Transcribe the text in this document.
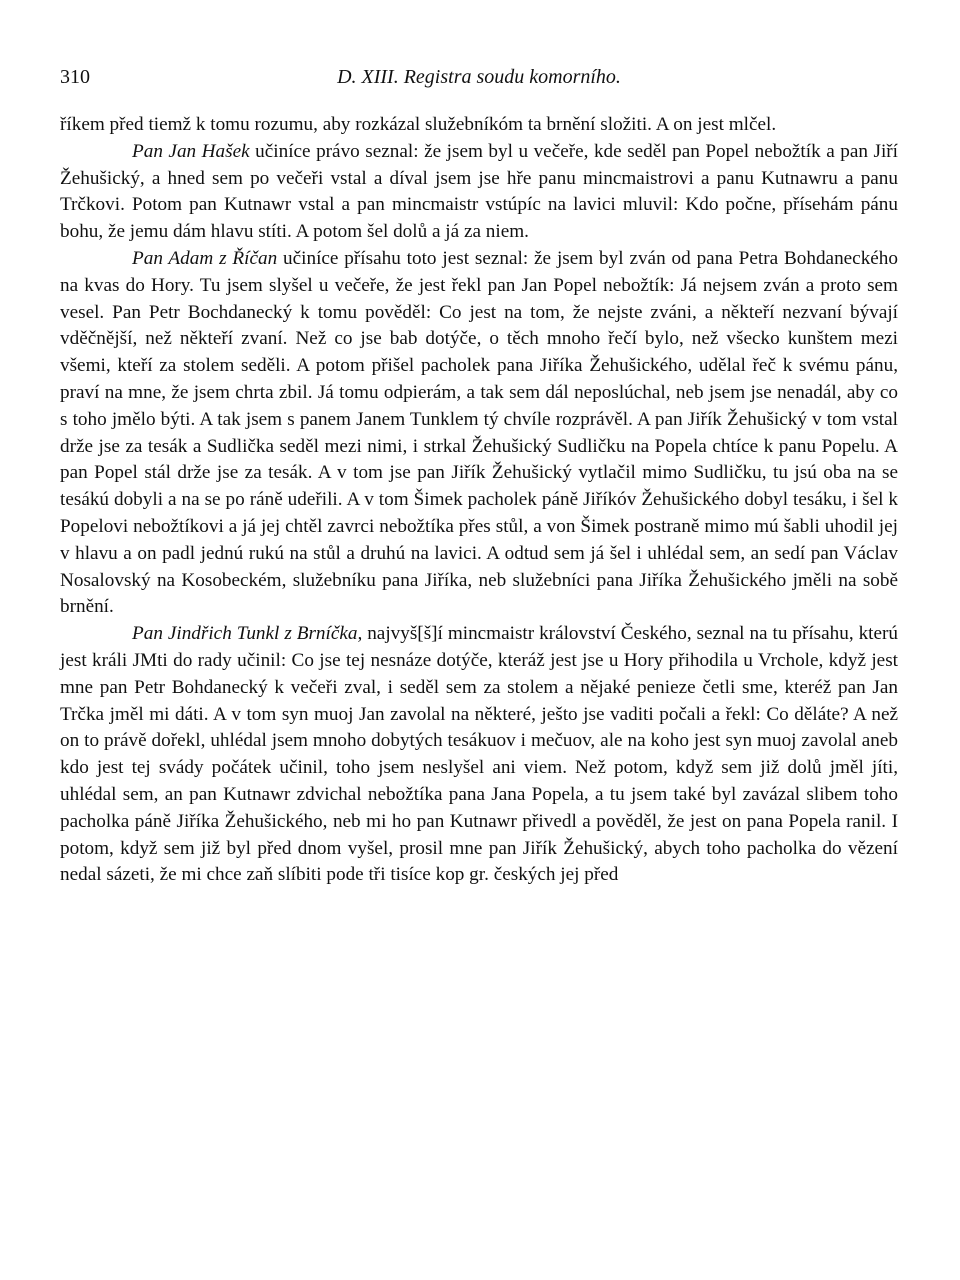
310	D. XIII. Registra soudu komorního.

říkem před tiemž k tomu rozumu, aby rozkázal služebníkóm ta brnění složiti. A on jest mlčel.

Pan Jan Hašek učiníce právo seznal: že jsem byl u večeře, kde seděl pan Popel nebožtík a pan Jiří Žehušický, a hned sem po večeři vstal a díval jsem jse hře panu mincmaistrovi a panu Kutnawru a panu Trčkovi. Potom pan Kutnawr vstal a pan mincmaistr vstúpíc na lavici mluvil: Kdo počne, přísehám pánu bohu, že jemu dám hlavu stíti. A potom šel dolů a já za niem.

Pan Adam z Říčan učiníce přísahu toto jest seznal: že jsem byl zván od pana Petra Bohdaneckého na kvas do Hory. Tu jsem slyšel u večeře, že jest řekl pan Jan Popel nebožtík: Já nejsem zván a proto sem vesel. Pan Petr Bochdanecký k tomu pověděl: Co jest na tom, že nejste zváni, a někteří nezvaní bývají vděčnější, než někteří zvaní. Než co jse bab dotýče, o těch mnoho řečí bylo, než všecko kunštem mezi všemi, kteří za stolem seděli. A potom přišel pacholek pana Jiříka Žehušického, udělal řeč k svému pánu, praví na mne, že jsem chrta zbil. Já tomu odpierám, a tak sem dál neposlúchal, neb jsem jse nenadál, aby co s toho jmělo býti. A tak jsem s panem Janem Tunklem tý chvíle rozprávěl. A pan Jiřík Žehušický v tom vstal drže jse za tesák a Sudlička seděl mezi nimi, i strkal Žehušický Sudličku na Popela chtíce k panu Popelu. A pan Popel stál drže jse za tesák. A v tom jse pan Jiřík Žehušický vytlačil mimo Sudličku, tu jsú oba na se tesákú dobyli a na se po ráně udeřili. A v tom Šimek pacholek páně Jiříkóv Žehušického dobyl tesáku, i šel k Popelovi nebožtíkovi a já jej chtěl zavrci nebožtíka přes stůl, a von Šimek postraně mimo mú šabli uhodil jej v hlavu a on padl jednú rukú na stůl a druhú na lavici. A odtud sem já šel i uhlédal sem, an sedí pan Václav Nosalovský na Kosobeckém, služebníku pana Jiříka, neb služebníci pana Jiříka Žehušického jměli na sobě brnění.

Pan Jindřich Tunkl z Brníčka, najvyš[š]í mincmaistr království Českého, seznal na tu přísahu, kterú jest králi JMti do rady učinil: Co jse tej nesnáze dotýče, kteráž jest jse u Hory přihodila u Vrchole, když jest mne pan Petr Bohdanecký k večeři zval, i seděl sem za stolem a nějaké penieze četli sme, kteréž pan Jan Trčka jměl mi dáti. A v tom syn muoj Jan zavolal na některé, ješto jse vaditi počali a řekl: Co děláte? A než on to právě dořekl, uhlédal jsem mnoho dobytých tesákuov i mečuov, ale na koho jest syn muoj zavolal aneb kdo jest tej svády počátek učinil, toho jsem neslyšel ani viem. Než potom, když sem již dolů jměl jíti, uhlédal sem, an pan Kutnawr zdvichal nebožtíka pana Jana Popela, a tu jsem také byl zavázal slibem toho pacholka páně Jiříka Žehušického, neb mi ho pan Kutnawr přivedl a pověděl, že jest on pana Popela ranil. I potom, když sem již byl před dnom vyšel, prosil mne pan Jiřík Žehušický, abych toho pacholka do vězení nedal sázeti, že mi chce zaň slíbiti pode tři tisíce kop gr. českých jej před
